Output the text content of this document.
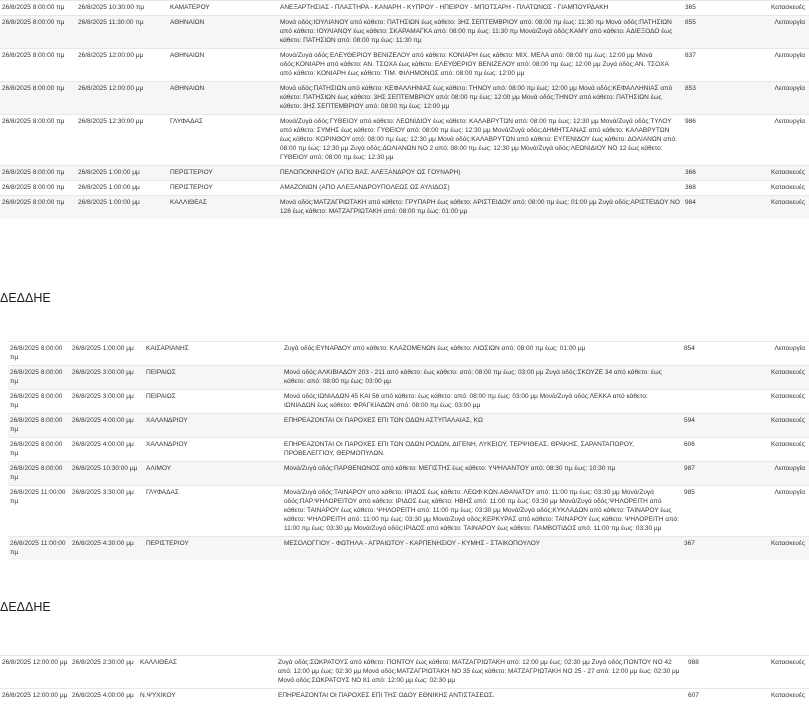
26/8/2025 8:00:00 πμ	26/8/2025 10:30:00 πμ	ΚΑΜΑΤΕΡΟΥ	ΑΝΕΞΑΡΤΗΣΙΑΣ - ΠΛΑΣΤΗΡΑ - ΚΑΝΑΡΗ - ΚΥΠΡΟΥ - ΗΠΕΙΡΟΥ - ΜΠΟΤΣΑΡΗ - ΠΛΑΤΩΝΟΣ - ΓΙΑΜΠΟΥΡΔΑΚΗ	365	Κατασκευές
26/8/2025 8:00:00 πμ	26/8/2025 11:30:00 πμ	ΑΘΗΝΑΙΩΝ	Μονά οδός:ΙΟΥΛΙΑΝΟΥ από κάθετο: ΠΑΤΗΣΙΩΝ έως κάθετο: 3ΗΣ ΣΕΠΤΕΜΒΡΙΟΥ από: 08:00 πμ έως: 11:30 πμ Μονά οδός:ΠΑΤΗΣΙΩΝ από κάθετο: ΙΟΥΛΙΑΝΟΥ έως κάθετο: ΣΚΑΡΑΜΑΓΚΑ από: 08:00 πμ έως: 11:30 πμ Μονά/Ζυγά οδός:ΚΑΜΥ από κάθετο: ΑΔΙΕΞΟΔΟ έως κάθετο: ΠΑΤΗΣΙΩΝ από: 08:00 πμ έως: 11:30 πμ	855	Λειτουργία
26/8/2025 8:00:00 πμ	26/8/2025 12:00:00 μμ	ΑΘΗΝΑΙΩΝ	Μονά/Ζυγά οδός:ΕΛΕΥΘΕΡΙΟΥ ΒΕΝΙΖΕΛΟΥ από κάθετο: ΚΟΝΙΑΡΗ έως κάθετο: ΜΙΧ. ΜΕΛΑ από: 08:00 πμ έως: 12:00 μμ Μονά οδός:ΚΟΝΙΑΡΗ από κάθετο: ΑΝ. ΤΣΟΧΑ έως κάθετο: ΕΛΕΥΘΕΡΙΟΥ ΒΕΝΙΖΕΛΟΥ από: 08:00 πμ έως: 12:00 μμ Ζυγά οδός:ΑΝ. ΤΣΟΧΑ από κάθετο: ΚΟΝΙΑΡΗ έως κάθετο: ΤΙΜ. ΦΙΛΗΜΟΝΟΣ από: 08:00 πμ έως: 12:00 μμ	837	Λειτουργία
26/8/2025 8:00:00 πμ	26/8/2025 12:00:00 μμ	ΑΘΗΝΑΙΩΝ	Μονά οδός:ΠΑΤΗΣΙΩΝ από κάθετο: ΚΕΦΑΛΛΗΝΙΑΣ έως κάθετο: ΤΗΝΟΥ από: 08:00 πμ έως: 12:00 μμ Μονά οδός:ΚΕΦΑΛΛΗΝΙΑΣ από κάθετο: ΠΑΤΗΣΙΩΝ έως κάθετο: 3ΗΣ ΣΕΠΤΕΜΒΡΙΟΥ από: 08:00 πμ έως: 12:00 μμ Μονά οδός:ΤΗΝΟΥ από κάθετο: ΠΑΤΗΣΙΩΝ έως κάθετο: 3ΗΣ ΣΕΠΤΕΜΒΡΙΟΥ από: 08:00 πμ έως: 12:00 μμ	853	Λειτουργία
26/8/2025 8:00:00 πμ	26/8/2025 12:30:00 μμ	ΓΛΥΦΑΔΑΣ	Μονά/Ζυγά οδός:ΓΥΘΕΙΟΥ από κάθετο: ΛΕΩΝΙΔΙΟΥ έως κάθετο: ΚΑΛΑΒΡΥΤΩΝ από: 08:00 πμ έως: 12:30 μμ Μονά/Ζυγά οδός:ΤΥΛΟΥ από κάθετο: ΣΥΜΗΣ έως κάθετο: ΓΥΘΕΙΟΥ από: 08:00 πμ έως: 12:30 μμ Μονά/Ζυγά οδός:ΔΗΜΗΤΣΑΝΑΣ από κάθετο: ΚΑΛΑΒΡΥΤΩΝ έως κάθετο: ΚΟΡΙΝΘΟΥ από: 08:00 πμ έως: 12:30 μμ Μονά οδός:ΚΑΛΑΒΡΥΤΩΝ από κάθετο: ΕΥΓΕΝΙΔΟΥ έως κάθετο: ΔΟΛΙΑΝΩΝ από: 08:00 πμ έως: 12:30 μμ Ζυγά οδός:ΔΟΛΙΑΝΩΝ ΝΟ 2 από: 08:00 πμ έως: 12:30 μμ Μονά/Ζυγά οδός:ΛΕΩΝΙΔΙΟΥ ΝΟ 12 έως κάθετο: ΓΥΘΕΙΟΥ από: 08:00 πμ έως: 12:30 μμ	986	Λειτουργία
26/8/2025 8:00:00 πμ	26/8/2025 1:00:00 μμ	ΠΕΡΙΣΤΕΡΙΟΥ	ΠΕΛΟΠΟΝΝΗΣΟΥ (ΑΠΟ ΒΑΣ. ΑΛΕΞΑΝΔΡΟΥ ΩΣ ΓΟΥΝΑΡΗ)	366	Κατασκευές
26/8/2025 8:00:00 πμ	26/8/2025 1:00:00 μμ	ΠΕΡΙΣΤΕΡΙΟΥ	ΑΜΑΖΟΝΩΝ (ΑΠΟ ΑΛΕΞΑΝΔΡΟΥΠΟΛΕΩΣ ΩΣ ΑΥΛΙΔΟΣ)	368	Κατασκευές
26/8/2025 8:00:00 πμ	26/8/2025 1:00:00 μμ	ΚΑΛΛΙΘΕΑΣ	Μονά οδός:ΜΑΤΖΑΓΡΙΩΤΑΚΗ από κάθετο: ΓΡΥΠΑΡΗ έως κάθετο: ΑΡΙΣΤΕΙΔΟΥ από: 08:00 πμ έως: 01:00 μμ Ζυγά οδός:ΑΡΙΣΤΕΙΔΟΥ ΝΟ 128 έως κάθετο: ΜΑΤΖΑΓΡΙΩΤΑΚΗ από: 08:00 πμ έως: 01:00 μμ	984	Κατασκευές
ΔΕΔΔΗΕ
26/8/2025 8:00:00 πμ	26/8/2025 1:00:00 μμ	ΚΑΙΣΑΡΙΑΝΗΣ	Ζυγά οδός:ΕΥΝΑΡΔΟΥ από κάθετο: ΚΛΑΖΟΜΕΝΩΝ έως κάθετο: ΛΙΟΣΙΩΝ από: 08:00 πμ έως: 01:00 μμ	854	Λειτουργία
26/8/2025 8:00:00 πμ	26/8/2025 3:00:00 μμ	ΠΕΙΡΑΙΩΣ	Μονά οδός:ΑΛΚΙΒΙΑΔΟΥ 203 - 211 από κάθετο: έως κάθετο: από: 08:00 πμ έως: 03:00 μμ Ζυγά οδός:ΣΚΟΥΖΕ 34 από κάθετο: έως κάθετο: από: 08:00 πμ έως: 03:00 μμ		Κατασκευές
26/8/2025 8:00:00 πμ	26/8/2025 3:00:00 μμ	ΠΕΙΡΑΙΩΣ	Μονά οδός:ΙΩΝΙΑΔΩΝ 45 ΚΑΙ 56 από κάθετο: έως κάθετο: από: 08:00 πμ έως: 03:00 μμ Μονά/Ζυγά οδός:ΛΕΚΚΑ από κάθετο: ΙΩΝΙΑΔΩΝ έως κάθετο: ΦΡΑΓΚΙΑΔΩΝ από: 08:00 πμ έως: 03:00 μμ		Κατασκευές
26/8/2025 8:00:00 πμ	26/8/2025 4:00:00 μμ	ΧΑΛΑΝΔΡΙΟΥ	ΕΠΗΡΕΑΖΟΝΤΑΙ ΟΙ ΠΑΡΟΧΕΣ ΕΠΙ ΤΩΝ ΟΔΩΝ ΑΣΤΥΠΑΛΑΙΑΣ, ΚΩ	594	Κατασκευές
26/8/2025 8:00:00 πμ	26/8/2025 4:00:00 μμ	ΧΑΛΑΝΔΡΙΟΥ	ΕΠΗΡΕΑΖΟΝΤΑΙ ΟΙ ΠΑΡΟΧΕΣ ΕΠΙ ΤΩΝ ΟΔΩΝ ΡΟΔΩΝ, ΔΙΓΕΝΗ, ΛΥΚΕΙΟΥ, ΤΕΡΨΙΘΕΑΣ, ΘΡΑΚΗΣ, ΣΑΡΑΝΤΑΠΟΡΟΥ, ΠΡΟΒΕΛΕΓΓΙΟΥ, ΘΕΡΜΟΠΥΛΩΝ.	606	Κατασκευές
26/8/2025 8:00:00 πμ	26/8/2025 10:30:00 μμ	ΑΛΙΜΟΥ	Μονά/Ζυγά οδός:ΠΑΡΘΕΝΩΝΟΣ από κάθετο: ΜΕΓΙΣΤΗΣ έως κάθετο: ΥΨΗΛΑΝΤΟΥ από: 08:30 πμ έως: 10:30 πμ	987	Λειτουργία
26/8/2025 11:00:00 πμ	26/8/2025 3:30:00 μμ	ΓΛΥΦΑΔΑΣ	Μονά/Ζυγά οδός:ΤΑΙΝΑΡΟΥ από κάθετο: ΙΡΙΔΟΣ έως κάθετο: ΛΕΩΦ.ΚΩΝ.ΑΘΑΝΑΤΟΥ από: 11:00 πμ έως: 03:30 μμ Μονά/Ζυγά οδός:ΠΑΡ.ΨΗΛΟΡΕΙΤΟΥ από κάθετο: ΙΡΙΔΟΣ έως κάθετο: ΗΒΗΣ από: 11:00 πμ έως: 03:30 μμ Μονά/Ζυγά οδός:ΨΗΛΟΡΕΙΤΗ από κάθετο: ΤΑΙΝΑΡΟΥ έως κάθετο: ΨΗΛΟΡΕΙΤΗ από: 11:00 πμ έως: 03:30 μμ Μονά/Ζυγά οδός:ΚΥΚΛΑΔΩΝ από κάθετο: ΤΑΙΝΑΡΟΥ έως κάθετο: ΨΗΛΟΡΕΙΤΗ από: 11:00 πμ έως: 03:30 μμ Μονά/Ζυγά οδός:ΚΕΡΚΥΡΑΣ από κάθετο: ΤΑΙΝΑΡΟΥ έως κάθετο: ΨΗΛΟΡΕΙΤΗ από: 11:00 πμ έως: 03:30 μμ Μονά/Ζυγά οδός:ΙΡΙΔΟΣ από κάθετο: ΤΑΙΝΑΡΟΥ έως κάθετο: ΠΑΜΒΟΤΙΔΟΣ από: 11:00 πμ έως: 03:30 μμ	985	Λειτουργία
26/8/2025 11:00:00 πμ	26/8/2025 4:30:00 μμ	ΠΕΡΙΣΤΕΡΙΟΥ	ΜΕΣΟΛΟΓΓΙΟΥ - ΦΩΤΗΛΑ - ΑΓΡΑΙΩΤΟΥ - ΚΑΡΠΕΝΗΣΙΟΥ - ΚΥΜΗΣ - ΣΤΑΙΚΟΠΟΥΛΟΥ	367	Κατασκευές
ΔΕΔΔΗΕ
26/8/2025 12:00:00 μμ	26/8/2025 2:30:00 μμ ΚΑΛΛΙΘΕΑΣ	Ζυγά οδός:ΣΩΚΡΑΤΟΥΣ από κάθετο: ΠΟΝΤΟΥ έως κάθετο: ΜΑΤΖΑΓΡΙΩΤΑΚΗ από: 12:00 μμ έως: 02:30 μμ Ζυγά οδός:ΠΟΝΤΟΥ ΝΟ 42 από: 12:00 μμ έως: 02:30 μμ Μονά οδός:ΜΑΤΖΑΓΡΙΩΤΑΚΗ ΝΟ 35 έως κάθετο: ΜΑΤΖΑΓΡΙΩΤΑΚΗ ΝΟ 25 - 27 από: 12:00 μμ έως: 02:30 μμ Μονά οδός:ΣΩΚΡΑΤΟΥΣ ΝΟ 81 από: 12:00 μμ έως: 02:30 μμ	988	Κατασκευές
26/8/2025 12:00:00 μμ	26/8/2025 4:00:00 μμ Ν.ΨΥΧΙΚΟΥ	ΕΠΗΡΕΑΖΟΝΤΑΙ ΟΙ ΠΑΡΟΧΕΣ ΕΠΙ ΤΗΣ ΟΔΟΥ ΕΘΝΙΚΗΣ ΑΝΤΙΣΤΑΣΕΩΣ.	607	Κατασκευές
